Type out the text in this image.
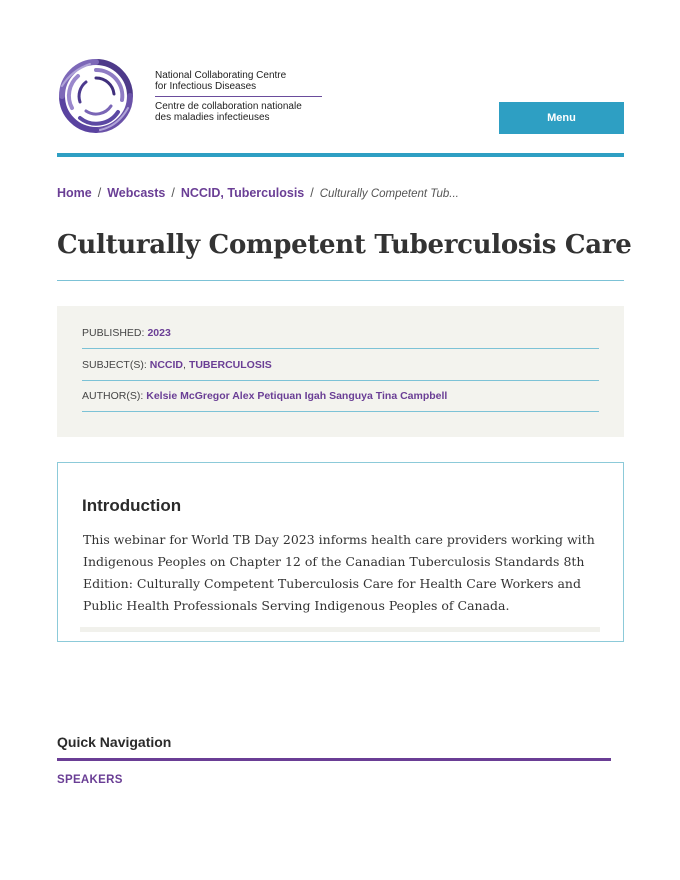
National Collaborating Centre
for Infectious Diseases
Centre de collaboration nationale
des maladies infectieuses	Menu
Home / Webcasts / NCCID, Tuberculosis / Culturally Competent Tub...
Culturally Competent Tuberculosis Care
PUBLISHED: 2023
SUBJECT(S): NCCID , TUBERCULOSIS
AUTHOR(S): Kelsie McGregor Alex Petiquan Igah Sanguya Tina Campbell
Introduction

This webinar for World TB Day 2023 informs health care providers working with Indigenous Peoples on Chapter 12 of the Canadian Tuberculosis Standards 8th Edition: Culturally Competent Tuberculosis Care for Health Care Workers and Public Health Professionals Serving Indigenous Peoples of Canada.

Quick Navigation
SPEAKERS
